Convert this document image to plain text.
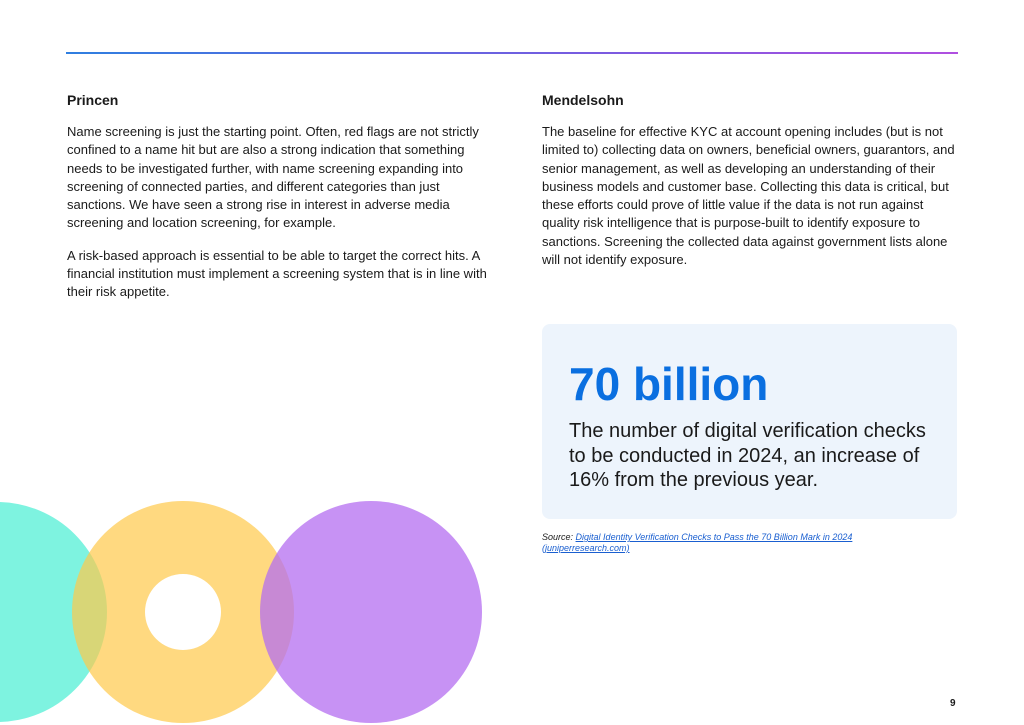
Princen

Name screening is just the starting point. Often, red flags are not strictly confined to a name hit but are also a strong indication that something needs to be investigated further, with name screening expanding into screening of connected parties, and different categories than just sanctions. We have seen a strong rise in interest in adverse media screening and location screening, for example.

A risk-based approach is essential to be able to target the correct hits. A financial institution must implement a screening system that is in line with their risk appetite.

Mendelsohn

The baseline for effective KYC at account opening includes (but is not limited to) collecting data on owners, beneficial owners, guarantors, and senior management, as well as developing an understanding of their business models and customer base. Collecting this data is critical, but these efforts could prove of little value if the data is not run against quality risk intelligence that is purpose-built to identify exposure to sanctions. Screening the collected data against government lists alone will not identify exposure.

70 billion

The number of digital verification checks to be conducted in 2024, an increase of 16% from the previous year.

Source: Digital Identity Verification Checks to Pass the 70 Billion Mark in 2024 (juniperresearch.com)
9
